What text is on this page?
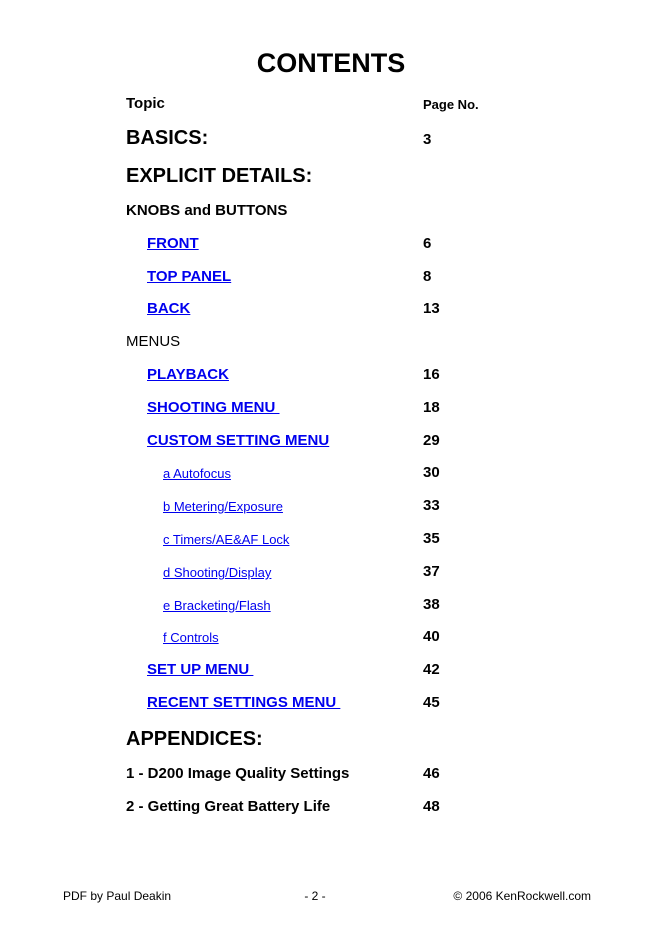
CONTENTS
Topic	Page No.
BASICS:	3
EXPLICIT DETAILS:
KNOBS and BUTTONS
FRONT	6
TOP PANEL	8
BACK	13
MENUS
PLAYBACK	16
SHOOTING MENU	18
CUSTOM SETTING MENU	29
a Autofocus	30
b Metering/Exposure	33
c Timers/AE&AF Lock	35
d Shooting/Display	37
e Bracketing/Flash	38
f Controls	40
SET UP MENU	42
RECENT SETTINGS MENU	45
APPENDICES:
1 - D200 Image Quality Settings	46
2 - Getting Great Battery Life	48
PDF by Paul Deakin	- 2 -	© 2006 KenRockwell.com
